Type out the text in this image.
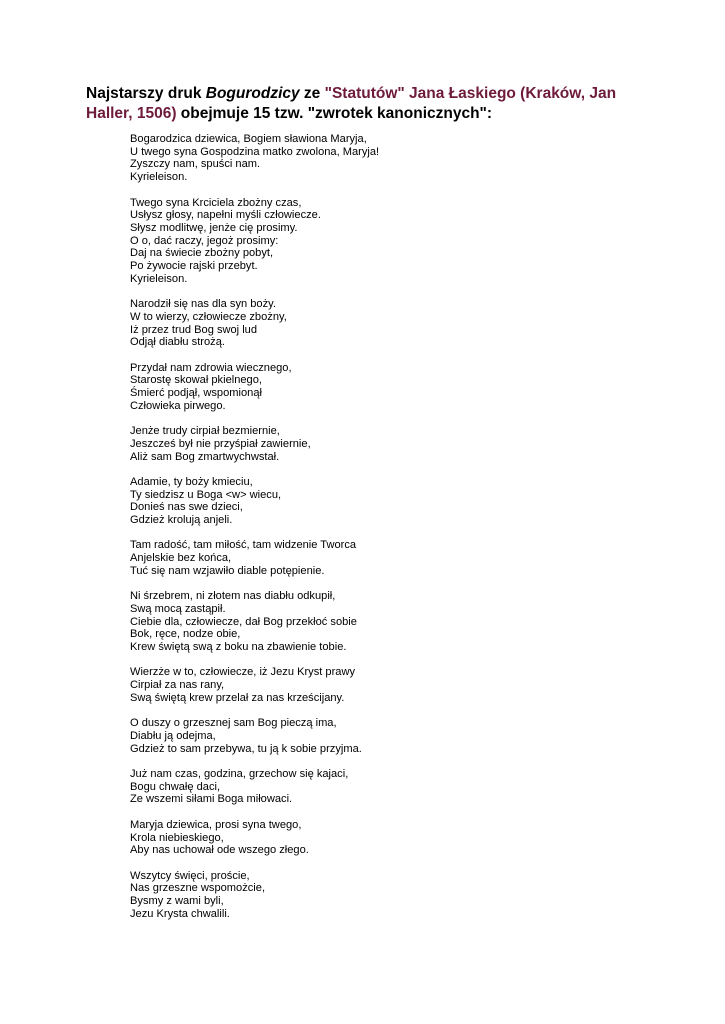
Najstarszy druk Bogurodzicy ze "Statutów" Jana Łaskiego (Kraków, Jan Haller, 1506) obejmuje 15 tzw. "zwrotek kanonicznych":

Bogarodzica dziewica, Bogiem sławiona Maryja,
U twego syna Gospodzina matko zwolona, Maryja!
Zyszczy nam, spuści nam.
Kyrieleison.

Twego syna Krciciela zbożny czas,
Usłysz głosy, napełni myśli człowiecze.
Słysz modlitwę, jenże cię prosimy.
O o, dać raczy, jegoż prosimy:
Daj na świecie zbożny pobyt,
Po żywocie rajski przebyt.
Kyrieleison.

Narodził się nas dla syn boży.
W to wierzy, człowiecze zbożny,
Iż przez trud Bog swoj lud
Odjął diabłu strożą.

Przydał nam zdrowia wiecznego,
Starostę skował pkielnego,
Śmierć podjął, wspomionął
Człowieka pirwego.

Jenże trudy cirpiał bezmiernie,
Jeszcześ był nie przyśpiał zawiernie,
Aliż sam Bog zmartwychwstał.

Adamie, ty boży kmieciu,
Ty siedzisz u Boga <w> wiecu,
Donieś nas swe dzieci,
Gdzież krolują anjeli.

Tam radość, tam miłość, tam widzenie Tworca
Anjelskie bez końca,
Tuć się nam wzjawiło diable potępienie.

Ni śrzebrem, ni złotem nas diabłu odkupił,
Swą mocą zastąpił.
Ciebie dla, człowiecze, dał Bog przekłoć sobie
Bok, ręce, nodze obie,
Krew świętą swą z boku na zbawienie tobie.

Wierzże w to, człowiecze, iż Jezu Kryst prawy
Cirpiał za nas rany,
Swą świętą krew przelał za nas krześcijany.

O duszy o grzesznej sam Bog pieczą ima,
Diabłu ją odejma,
Gdzież to sam przebywa, tu ją k sobie przyjma.

Już nam czas, godzina, grzechow się kajaci,
Bogu chwałę daci,
Ze wszemi siłami Boga miłowaci.

Maryja dziewica, prosi syna twego,
Krola niebieskiego,
Aby nas uchował ode wszego złego.

Wszytcy święci, proście,
Nas grzeszne wspomożcie,
Bysmy z wami byli,
Jezu Krysta chwalili.
